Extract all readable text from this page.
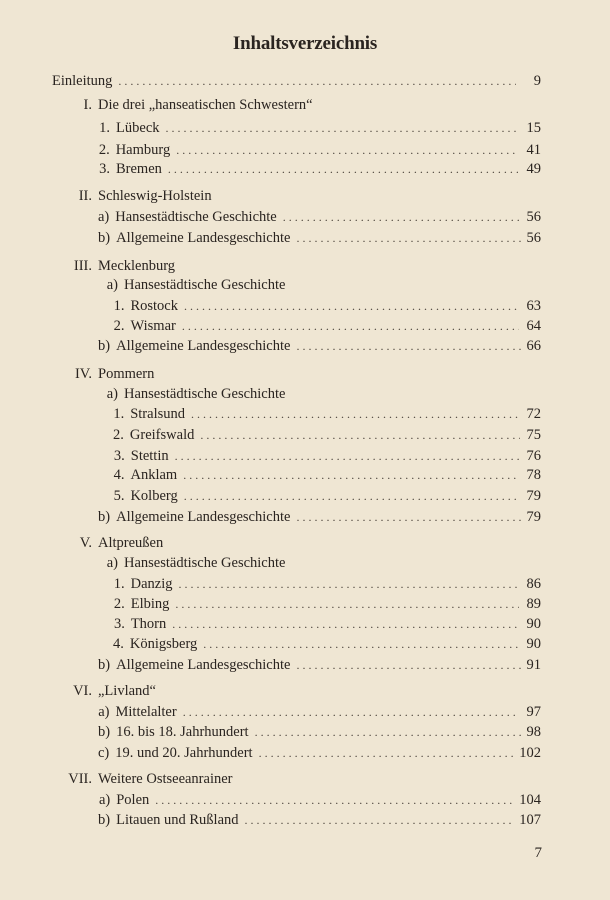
Inhaltsverzeichnis
Einleitung . . .	9
I. Die drei „hanseatischen Schwestern“
1. Lübeck . . .	15
2. Hamburg . . .	41
3. Bremen . . .	49
II. Schleswig-Holstein
a) Hansestädtische Geschichte . . .	56
b) Allgemeine Landesgeschichte . . .	56
III. Mecklenburg
a) Hansestädtische Geschichte
1. Rostock . . .	63
2. Wismar . . .	64
b) Allgemeine Landesgeschichte . . .	66
IV. Pommern
a) Hansestädtische Geschichte
1. Stralsund . . .	72
2. Greifswald . . .	75
3. Stettin . . .	76
4. Anklam . . .	78
5. Kolberg . . .	79
b) Allgemeine Landesgeschichte . . .	79
V. Altpreußen
a) Hansestädtische Geschichte
1. Danzig . . .	86
2. Elbing . . .	89
3. Thorn . . .	90
4. Königsberg . . .	90
b) Allgemeine Landesgeschichte . . .	91
VI. „Livland“
a) Mittelalter . . .	97
b) 16. bis 18. Jahrhundert . . .	98
c) 19. und 20. Jahrhundert . . .	102
VII. Weitere Ostseeanrainer
a) Polen . . .	104
b) Litauen und Rußland . . .	107
7
